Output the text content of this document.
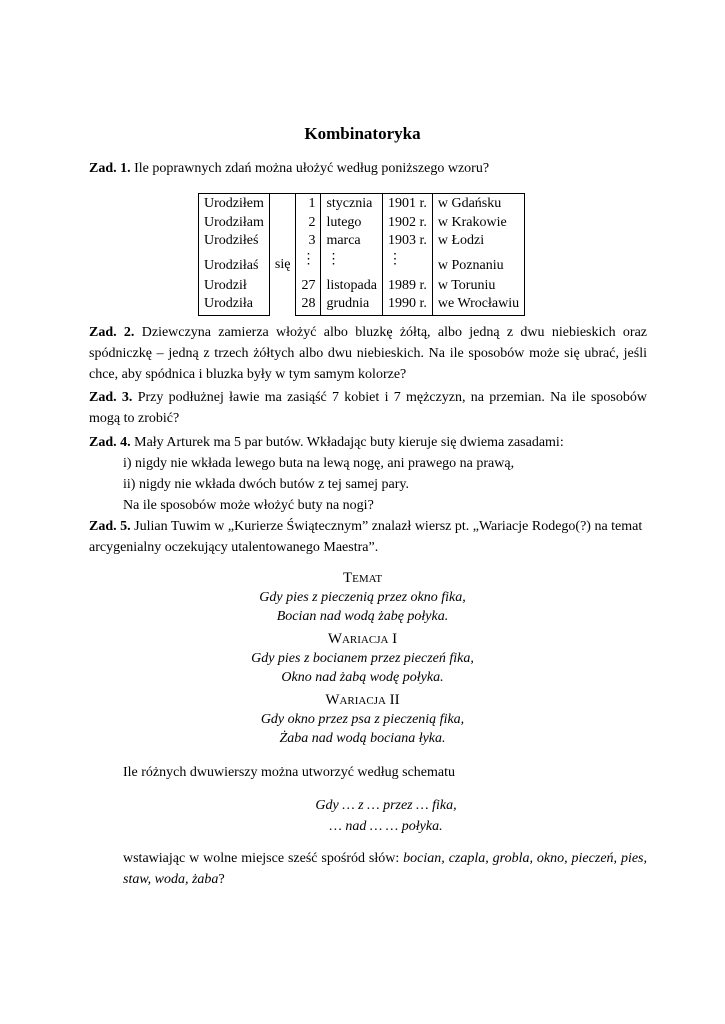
Kombinatoryka
Zad. 1. Ile poprawnych zdań można ułożyć według poniższego wzoru?
Urodziłem	się	1	stycznia	1901 r.	w Gdańsku
Urodziłam		2	lutego	1902 r.	w Krakowie
Urodziłeś		3	marca	1903 r.	w Łodzi
Urodziłaś		⋮	⋮	⋮	w Poznaniu
Urodził		27	listopada	1989 r.	w Toruniu
Urodziła		28	grudnia	1990 r.	we Wrocławiu
Zad. 2. Dziewczyna zamierza włożyć albo bluzkę żółtą, albo jedną z dwu niebieskich oraz spódniczkę – jedną z trzech żółtych albo dwu niebieskich. Na ile sposobów może się ubrać, jeśli chce, aby spódnica i bluzka były w tym samym kolorze?
Zad. 3. Przy podłużnej ławie ma zasiąść 7 kobiet i 7 mężczyzn, na przemian. Na ile sposobów mogą to zrobić?
Zad. 4. Mały Arturek ma 5 par butów. Wkładając buty kieruje się dwiema zasadami:
i) nigdy nie wkłada lewego buta na lewą nogę, ani prawego na prawą,
ii) nigdy nie wkłada dwóch butów z tej samej pary.
Na ile sposobów może włożyć buty na nogi?
Zad. 5. Julian Tuwim w „Kurierze Świątecznym” znalazł wiersz pt. „Wariacje Rodego(?) na temat arcygenialny oczekujący utalentowanego Maestra”.
Temat
Gdy pies z pieczenią przez okno fika,
Bocian nad wodą żabę połyka.
Wariacja I
Gdy pies z bocianem przez pieczeń fika,
Okno nad żabą wodę połyka.
Wariacja II
Gdy okno przez psa z pieczenią fika,
Żaba nad wodą bociana łyka.
Ile różnych dwuwierszy można utworzyć według schematu
Gdy … z … przez … fika,
… nad … … połyka.
wstawiając w wolne miejsce sześć spośród słów: bocian, czapla, grobla, okno, pieczeń, pies, staw, woda, żaba?
